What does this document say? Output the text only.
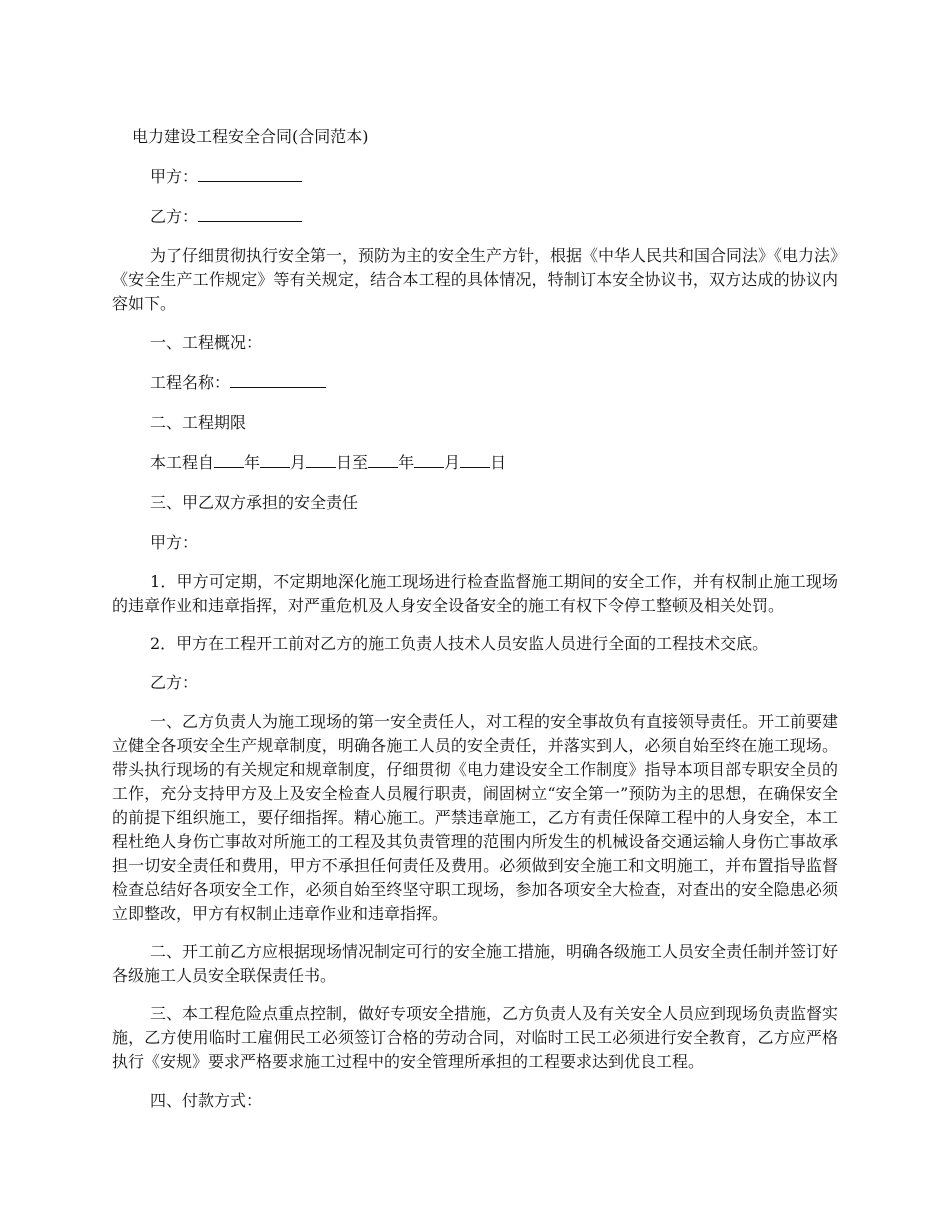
电力建设工程安全合同(合同范本)

甲方：

乙方：

为了仔细贯彻执行安全第一，预防为主的安全生产方针，根据《中华人民共和国合同法》《电力法》《安全生产工作规定》等有关规定，结合本工程的具体情况，特制订本安全协议书，双方达成的协议内容如下。

一、工程概况：

工程名称：

二、工程期限

本工程自 年 月 日至 年 月 日

三、甲乙双方承担的安全责任

甲方：

1．甲方可定期，不定期地深化施工现场进行检查监督施工期间的安全工作，并有权制止施工现场的违章作业和违章指挥，对严重危机及人身安全设备安全的施工有权下令停工整顿及相关处罚。

2．甲方在工程开工前对乙方的施工负责人技术人员安监人员进行全面的工程技术交底。

乙方：

一、乙方负责人为施工现场的第一安全责任人，对工程的安全事故负有直接领导责任。开工前要建立健全各项安全生产规章制度，明确各施工人员的安全责任，并落实到人，必须自始至终在施工现场。带头执行现场的有关规定和规章制度，仔细贯彻《电力建设安全工作制度》指导本项目部专职安全员的工作，充分支持甲方及上及安全检查人员履行职责，闹固树立“安全第一”预防为主的思想，在确保安全的前提下组织施工，要仔细指挥。精心施工。严禁违章施工，乙方有责任保障工程中的人身安全，本工程杜绝人身伤亡事故对所施工的工程及其负责管理的范围内所发生的机械设备交通运输人身伤亡事故承担一切安全责任和费用，甲方不承担任何责任及费用。必须做到安全施工和文明施工，并布置指导监督检查总结好各项安全工作，必须自始至终坚守职工现场，参加各项安全大检查，对查出的安全隐患必须立即整改，甲方有权制止违章作业和违章指挥。

二、开工前乙方应根据现场情况制定可行的安全施工措施，明确各级施工人员安全责任制并签订好各级施工人员安全联保责任书。

三、本工程危险点重点控制，做好专项安全措施，乙方负责人及有关安全人员应到现场负责监督实施，乙方使用临时工雇佣民工必须签订合格的劳动合同，对临时工民工必须进行安全教育，乙方应严格执行《安规》要求严格要求施工过程中的安全管理所承担的工程要求达到优良工程。

四、付款方式：
